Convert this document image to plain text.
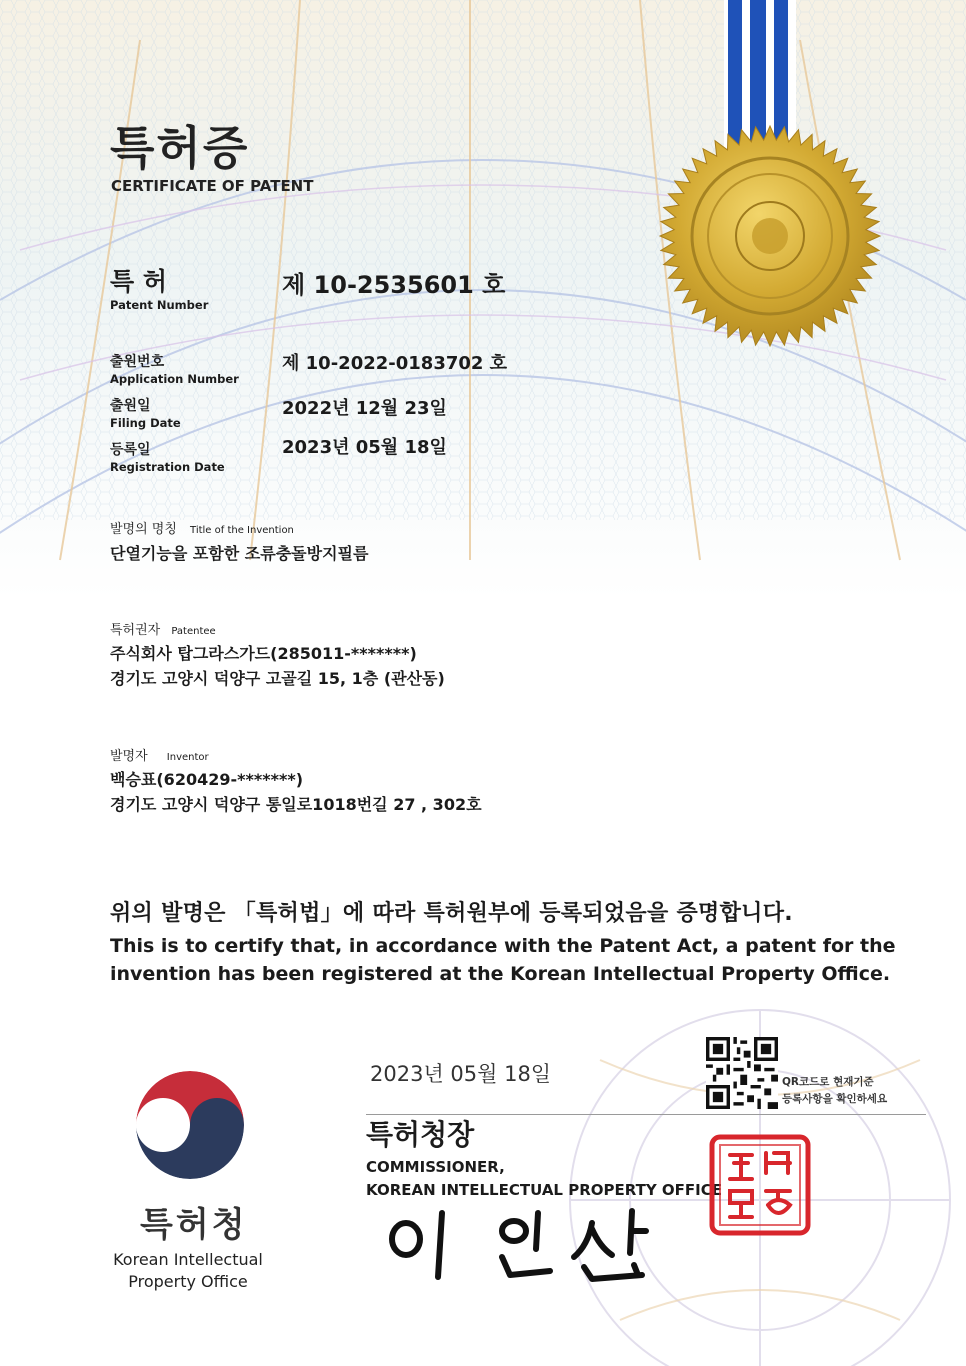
특허증
CERTIFICATE OF PATENT
특 허
Patent Number
제 10-2535601 호
출원번호
Application Number
제 10-2022-0183702 호
출원일
Filing Date
2022년 12월 23일
등록일
Registration Date
2023년 05월 18일
발명의 명칭 Title of the Invention
단열기능을 포함한 조류충돌방지필름
특허권자 Patentee
주식회사 탑그라스가드(285011-*******)
경기도 고양시 덕양구 고골길 15, 1층 (관산동)
발명자 Inventor
백승표(620429-*******)
경기도 고양시 덕양구 통일로1018번길 27 , 302호
위의 발명은 「특허법」에 따라 특허원부에 등록되었음을 증명합니다.
This is to certify that, in accordance with the Patent Act, a patent for the
invention has been registered at the Korean Intellectual Property Office.
2023년 05월 18일	QR코드로 현재기준
등록사항을 확인하세요
특허청장
COMMISSIONER,
KOREAN INTELLECTUAL PROPERTY OFFICE
특허청
Korean Intellectual
Property Office
